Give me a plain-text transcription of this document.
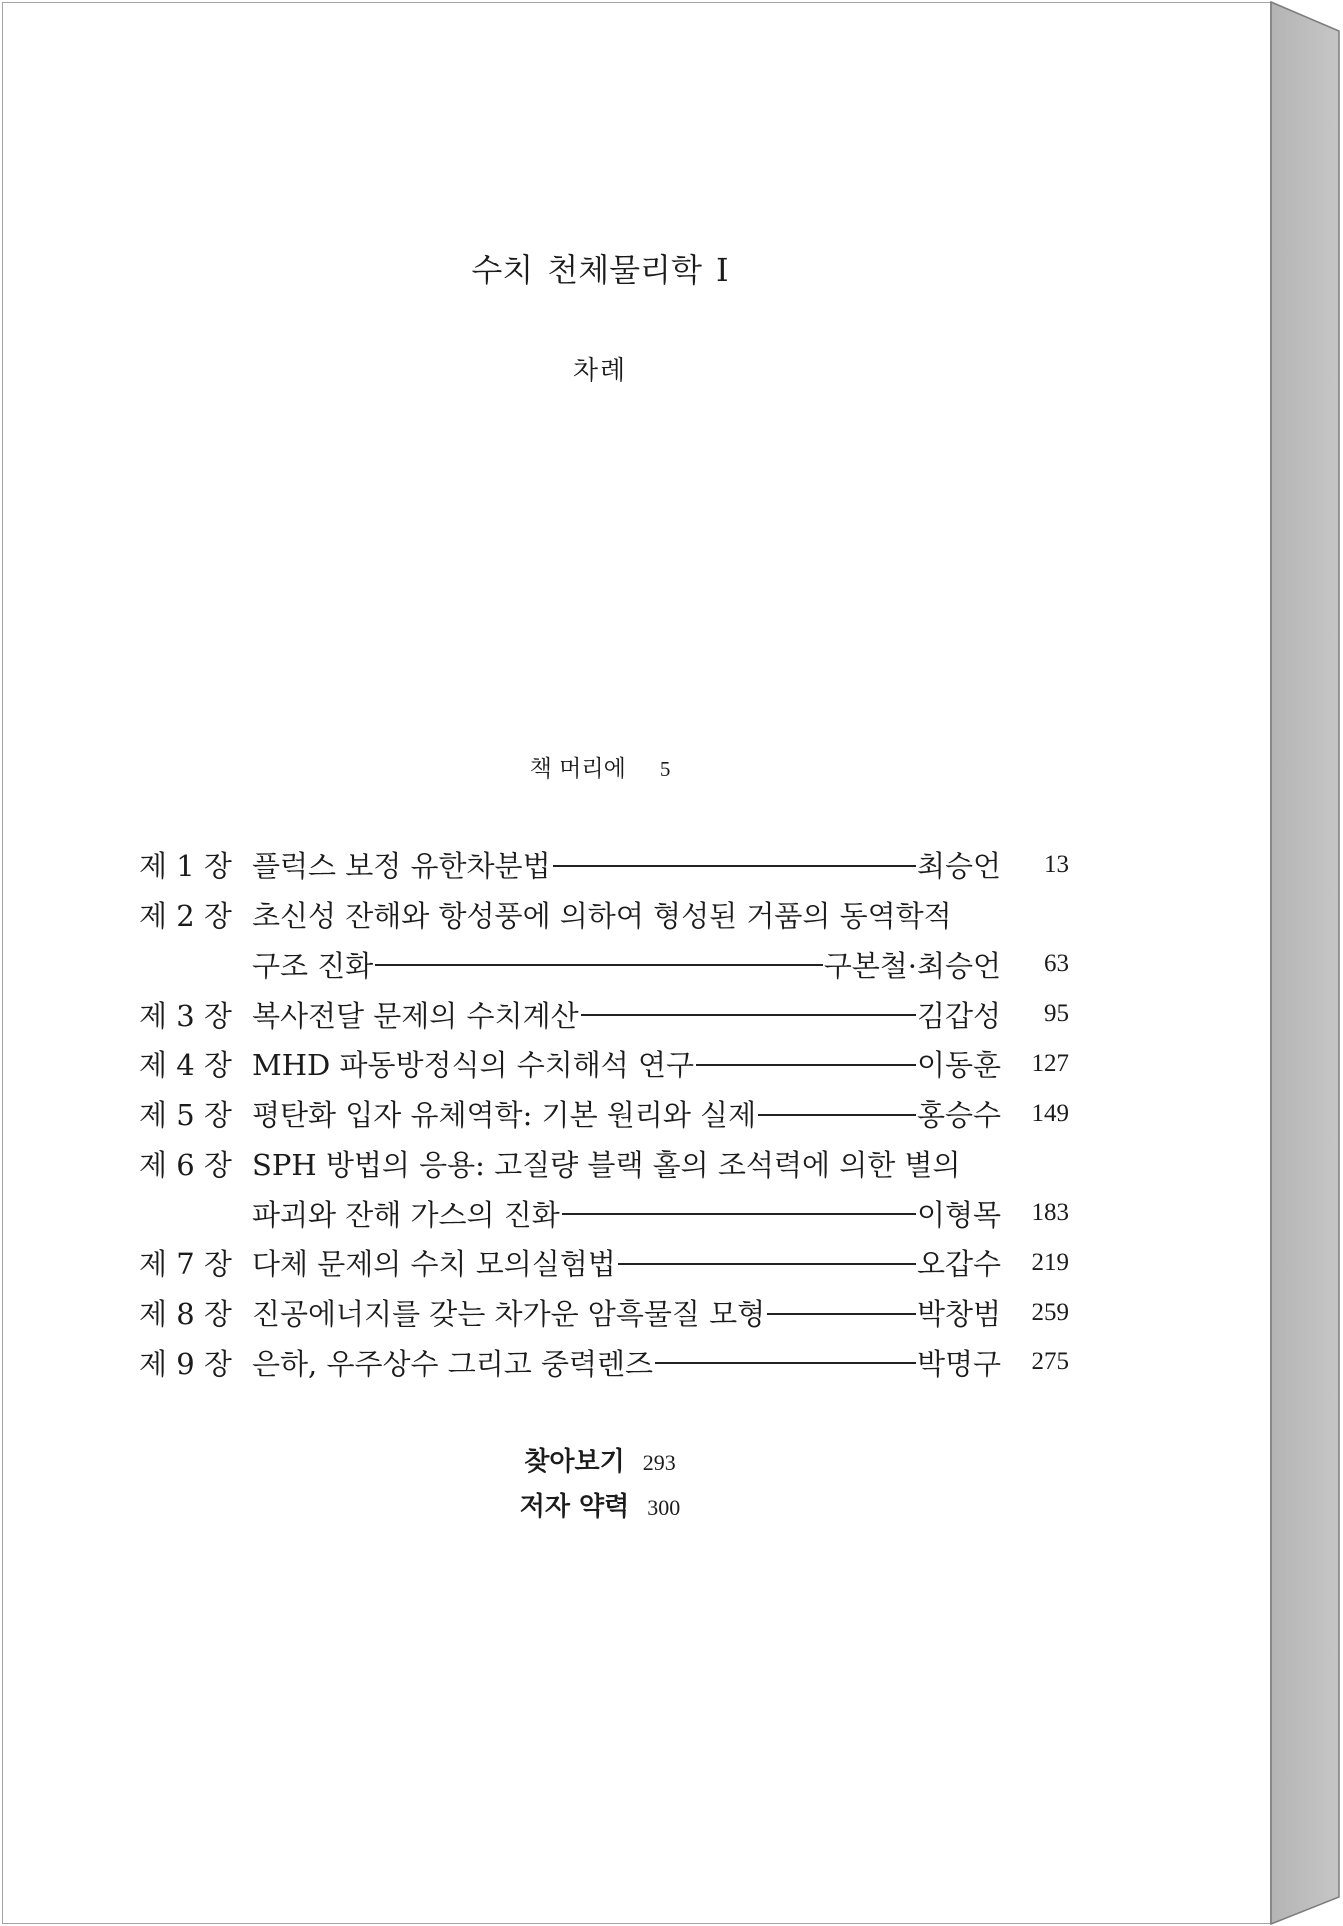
수치 천체물리학 I
차례
책 머리에 5
제 1 장 플럭스 보정 유한차분법	최승언	13
제 2 장 초신성 잔해와 항성풍에 의하여 형성된 거품의 동역학적
구조 진화	구본철·최승언	63
제 3 장 복사전달 문제의 수치계산	김갑성	95
제 4 장 MHD 파동방정식의 수치해석 연구	이동훈	127
제 5 장 평탄화 입자 유체역학: 기본 원리와 실제	홍승수	149
제 6 장 SPH 방법의 응용: 고질량 블랙 홀의 조석력에 의한 별의
파괴와 잔해 가스의 진화	이형목	183
제 7 장 다체 문제의 수치 모의실험법	오갑수	219
제 8 장 진공에너지를 갖는 차가운 암흑물질 모형	박창범	259
제 9 장 은하, 우주상수 그리고 중력렌즈	박명구	275
찾아보기 293
저자 약력 300
